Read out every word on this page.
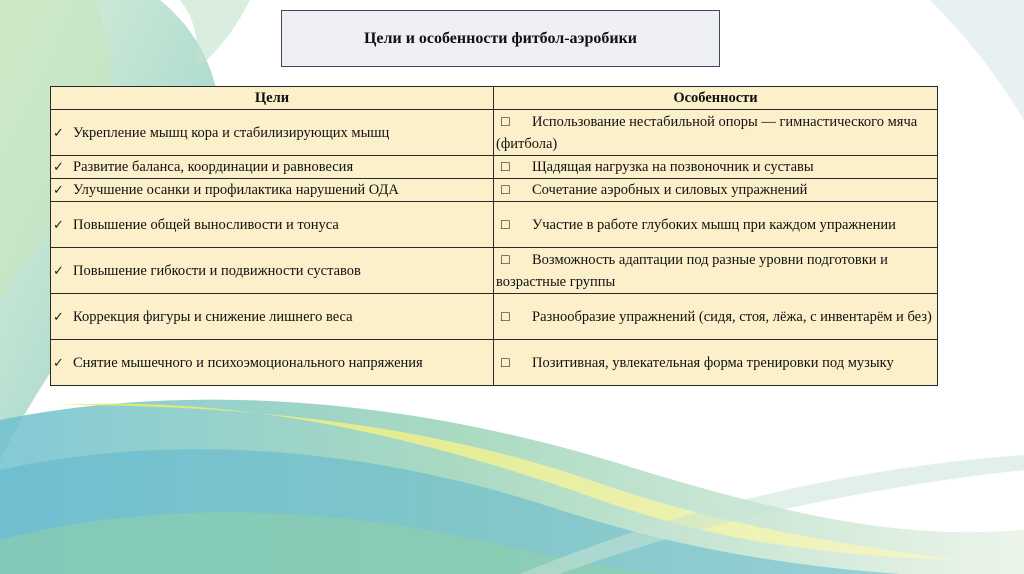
Цели и особенности фитбол-аэробики
Цели	Особенности
✓ Укрепление мышц кора и стабилизирующих мышц	☐ Использование нестабильной опоры — гимнастического мяча (фитбола)
✓ Развитие баланса, координации и равновесия	☐ Щадящая нагрузка на позвоночник и суставы
✓ Улучшение осанки и профилактика нарушений ОДА	☐ Сочетание аэробных и силовых упражнений
✓ Повышение общей выносливости и тонуса	☐ Участие в работе глубоких мышц при каждом упражнении
✓ Повышение гибкости и подвижности суставов	☐ Возможность адаптации под разные уровни подготовки и возрастные группы
✓ Коррекция фигуры и снижение лишнего веса	☐ Разнообразие упражнений (сидя, стоя, лёжа, с инвентарём и без)
✓ Снятие мышечного и психоэмоционального напряжения	☐ Позитивная, увлекательная форма тренировки под музыку
